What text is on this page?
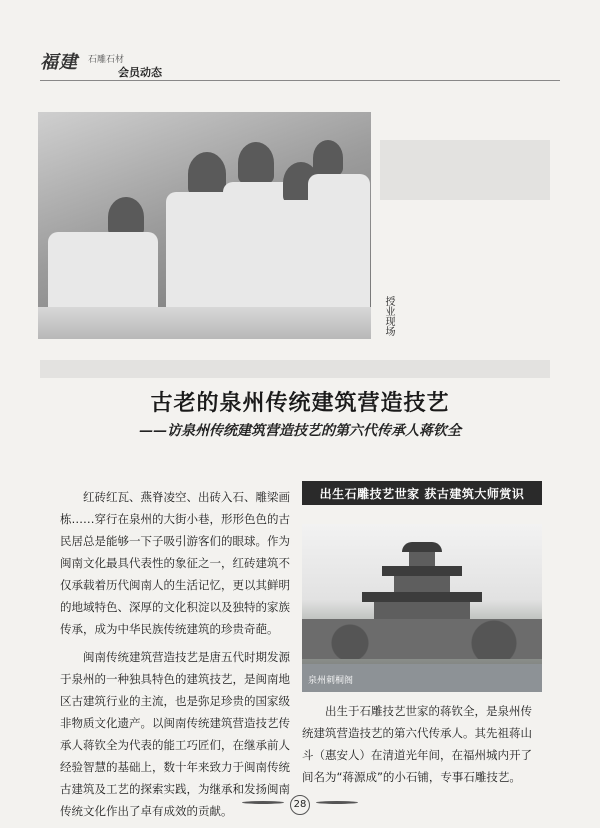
福建 石雕石材
会员动态
授业现场
古老的泉州传统建筑营造技艺
——访泉州传统建筑营造技艺的第六代传承人蒋钦全

红砖红瓦、燕脊凌空、出砖入石、雕梁画栋……穿行在泉州的大街小巷，形形色色的古民居总是能够一下子吸引游客们的眼球。作为闽南文化最具代表性的象征之一，红砖建筑不仅承载着历代闽南人的生活记忆，更以其鲜明的地域特色、深厚的文化积淀以及独特的家族传承，成为中华民族传统建筑的珍贵奇葩。

闽南传统建筑营造技艺是唐五代时期发源于泉州的一种独具特色的建筑技艺，是闽南地区古建筑行业的主流，也是弥足珍贵的国家级非物质文化遗产。以闽南传统建筑营造技艺传承人蒋钦全为代表的能工巧匠们，在继承前人经验智慧的基础上，数十年来致力于闽南传统古建筑及工艺的探索实践，为继承和发扬闽南传统文化作出了卓有成效的贡献。

出生石雕技艺世家 获古建筑大师赏识
泉州刺桐阁

出生于石雕技艺世家的蒋钦全，是泉州传统建筑营造技艺的第六代传承人。其先祖蒋山斗（惠安人）在清道光年间，在福州城内开了间名为“蒋源成”的小石铺，专事石雕技艺。

28
